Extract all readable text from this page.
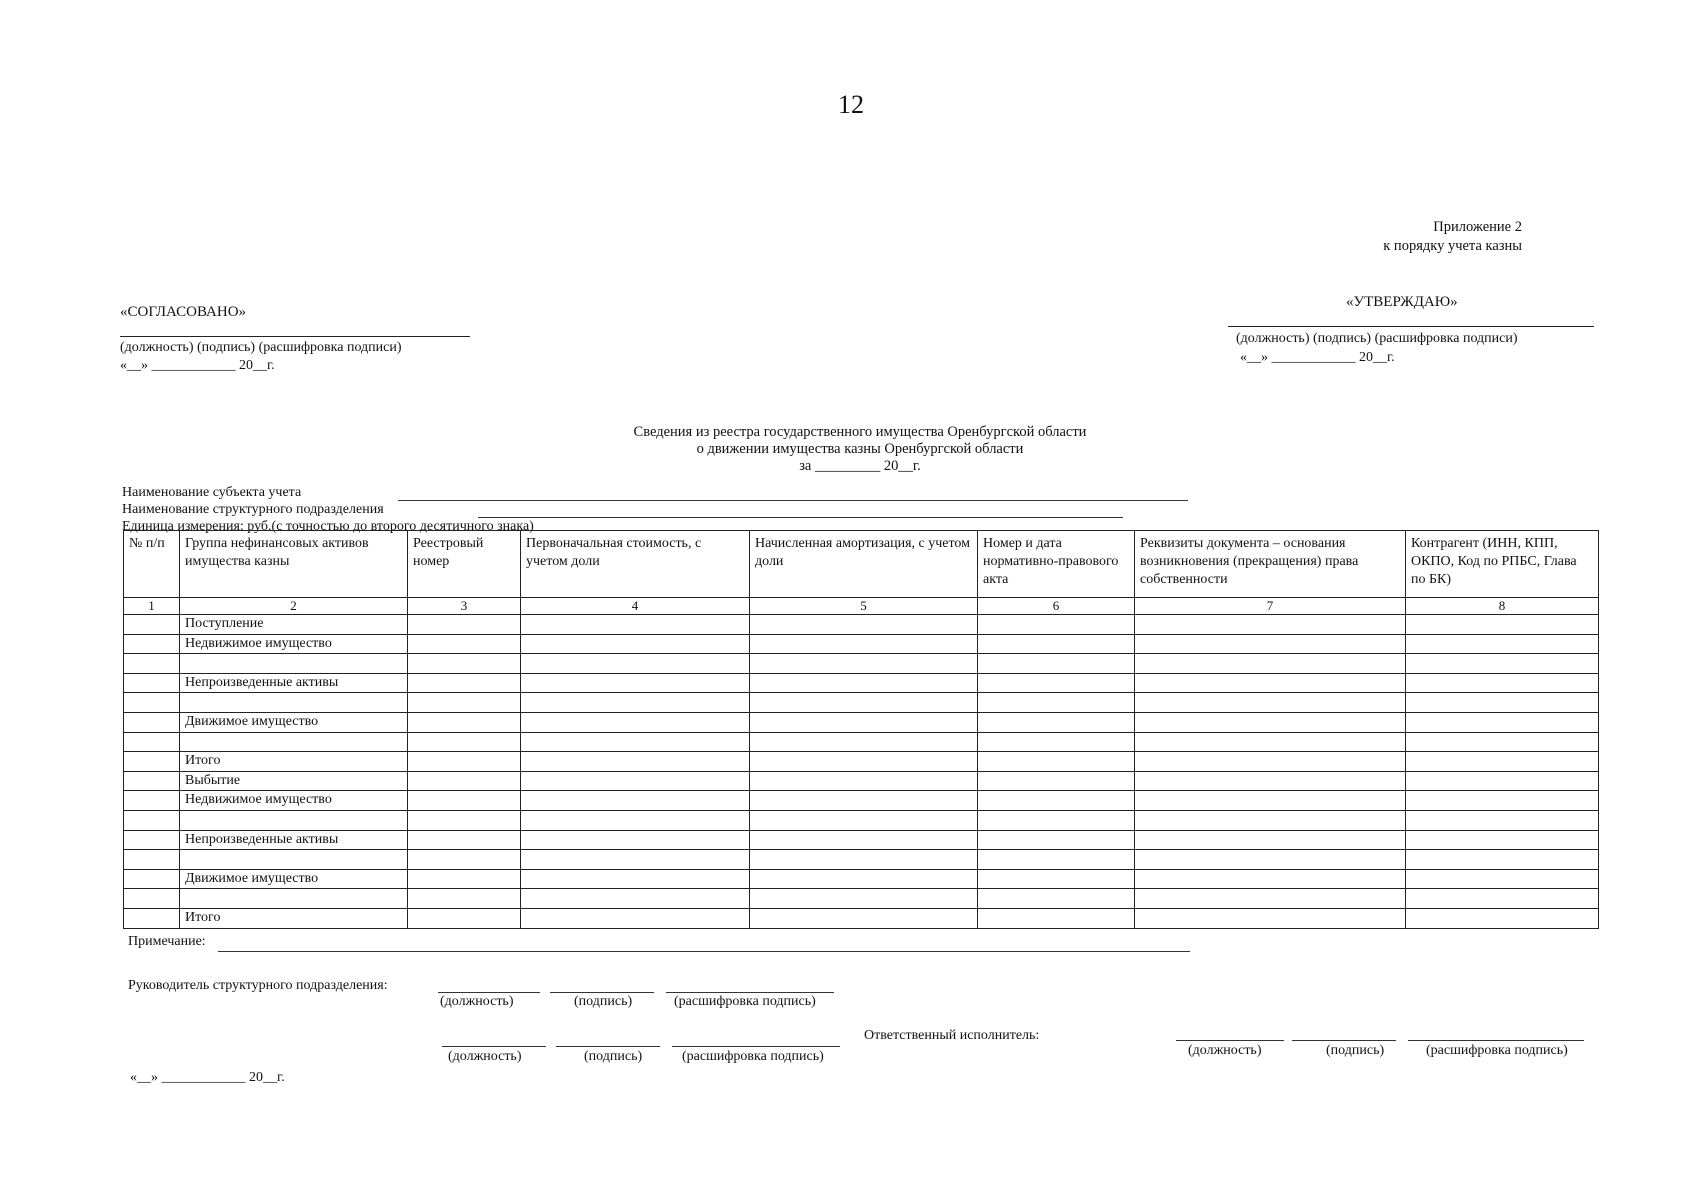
12
Приложение 2
к порядку учета казны
«СОГЛАСОВАНО»
(должность) (подпись) (расшифровка подписи)
«__» ____________ 20__г.
«УТВЕРЖДАЮ»
(должность) (подпись) (расшифровка подписи)
«__» ____________ 20__г.
Сведения из реестра государственного имущества Оренбургской области
о движении имущества казны Оренбургской области
за _________ 20__г.
Наименование субъекта учета
Наименование структурного подразделения
Единица измерения: руб.(с точностью до второго десятичного знака)
№ п/п	Группа нефинансовых активов имущества казны	Реестровый номер	Первоначальная стоимость, с учетом доли	Начисленная амортизация, с учетом доли	Номер и дата нормативно-правового акта	Реквизиты документа – основания возникновения (прекращения) права собственности	Контрагент (ИНН, КПП, ОКПО, Код по РПБС, Глава по БК)
1	2	3	4	5	6	7	8
	Поступление						
	Недвижимое имущество						

	Непроизведенные активы						

	Движимое имущество						

	Итого						
	Выбытие						
	Недвижимое имущество						

	Непроизведенные активы						

	Движимое имущество						

	Итого						
Примечание:
Руководитель структурного подразделения:
(должность)	(подпись)	(расшифровка подпись)
(должность)	(подпись)	(расшифровка подпись)
Ответственный исполнитель:
(должность)	(подпись)	(расшифровка подпись)
«__» ____________ 20__г.
